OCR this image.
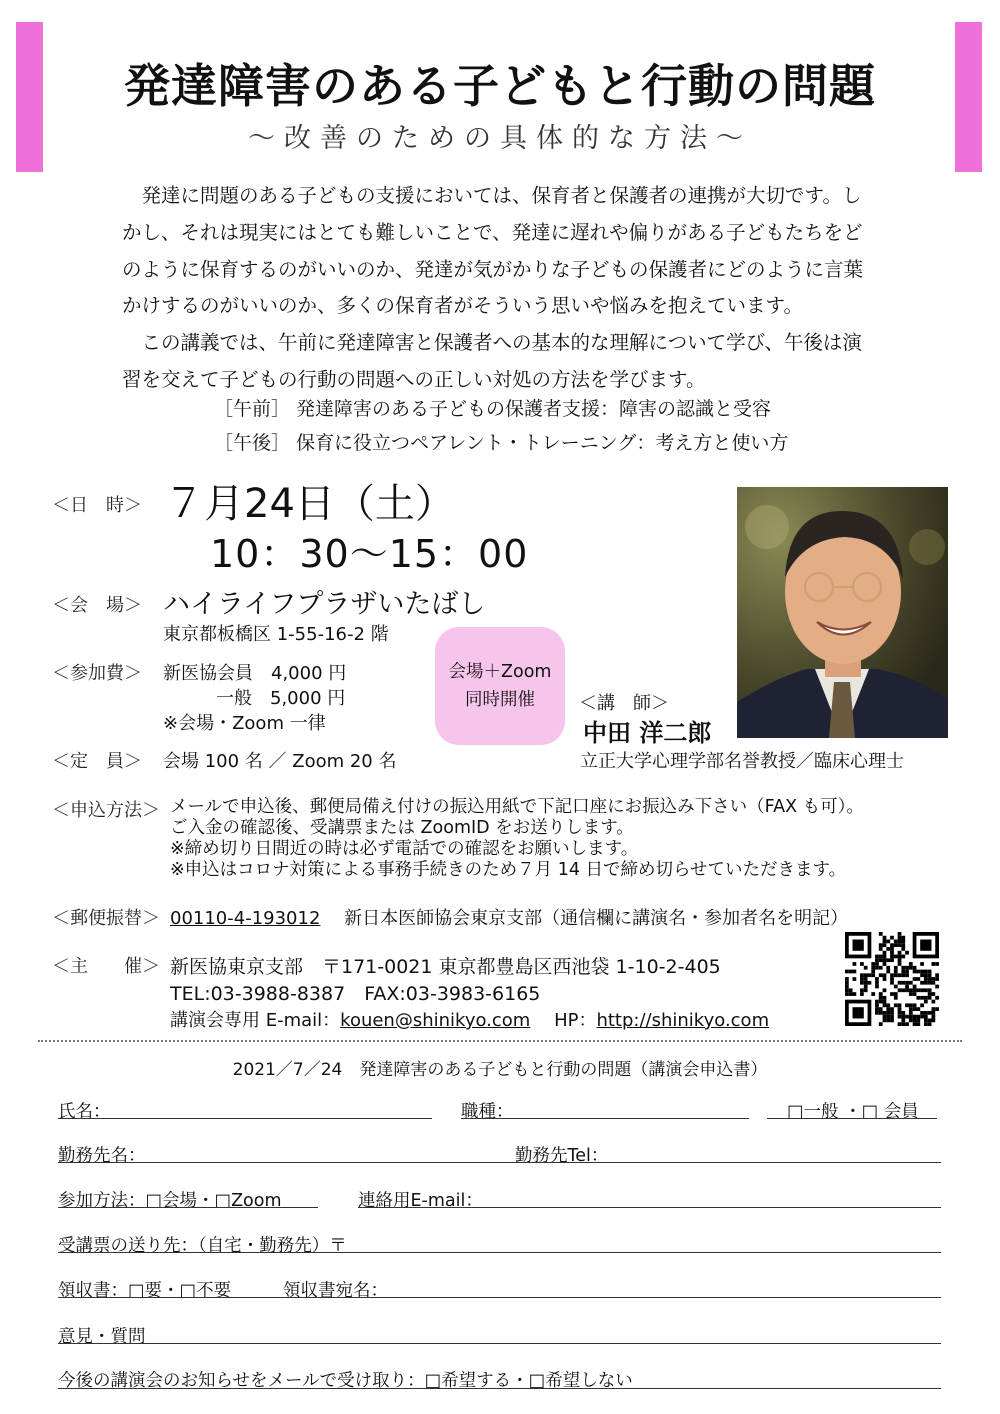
発達障害のある子どもと行動の問題
～改善のための具体的な方法～
　発達に問題のある子どもの支援においては、保育者と保護者の連携が大切です。し
かし、それは現実にはとても難しいことで、発達に遅れや偏りがある子どもたちをど
のように保育するのがいいのか、発達が気がかりな子どもの保護者にどのように言葉
かけするのがいいのか、多くの保育者がそういう思いや悩みを抱えています。
　この講義では、午前に発達障害と保護者への基本的な理解について学び、午後は演
習を交えて子どもの行動の問題への正しい対処の方法を学びます。
［午前］ 発達障害のある子どもの保護者支援：障害の認識と受容
［午後］ 保育に役立つペアレント・トレーニング：考え方と使い方
＜日　時＞ ７月24日（土）
10：30～15：00
＜会　場＞ ハイライフプラザいたばし
東京都板橋区 1-55-16-2 階
＜参加費＞ 新医協会員　4,000 円
一般　5,000 円
※会場・Zoom 一律
会場＋Zoom
同時開催
＜定　員＞ 会場 100 名 ／ Zoom 20 名
＜講　師＞
中田 洋二郎
立正大学心理学部名誉教授／臨床心理士
＜申込方法＞ メールで申込後、郵便局備え付けの振込用紙で下記口座にお振込み下さい（FAX も可）。
ご入金の確認後、受講票または ZoomID をお送りします。
※締め切り日間近の時は必ず電話での確認をお願いします。
※申込はコロナ対策による事務手続きのため７月 14 日で締め切らせていただきます。
＜郵便振替＞ 00110-4-193012　 新日本医師協会東京支部（通信欄に講演名・参加者名を明記）
＜主　　催＞ 新医協東京支部　〒171-0021 東京都豊島区西池袋 1-10-2-405
TEL:03-3988-8387　FAX:03-3983-6165
講演会専用 E-mail：kouen@shinikyo.com　 HP：http://shinikyo.com
2021／7／24　発達障害のある子どもと行動の問題（講演会申込書）
氏名：	職種：	□一般 ・□ 会員
勤務先名：	勤務先Tel：
参加方法：□会場・□Zoom	連絡用E-mail：
受講票の送り先：（自宅・勤務先）〒
領収書：□要・□不要	領収書宛名：
意見・質問
今後の講演会のお知らせをメールで受け取り：□希望する・□希望しない
